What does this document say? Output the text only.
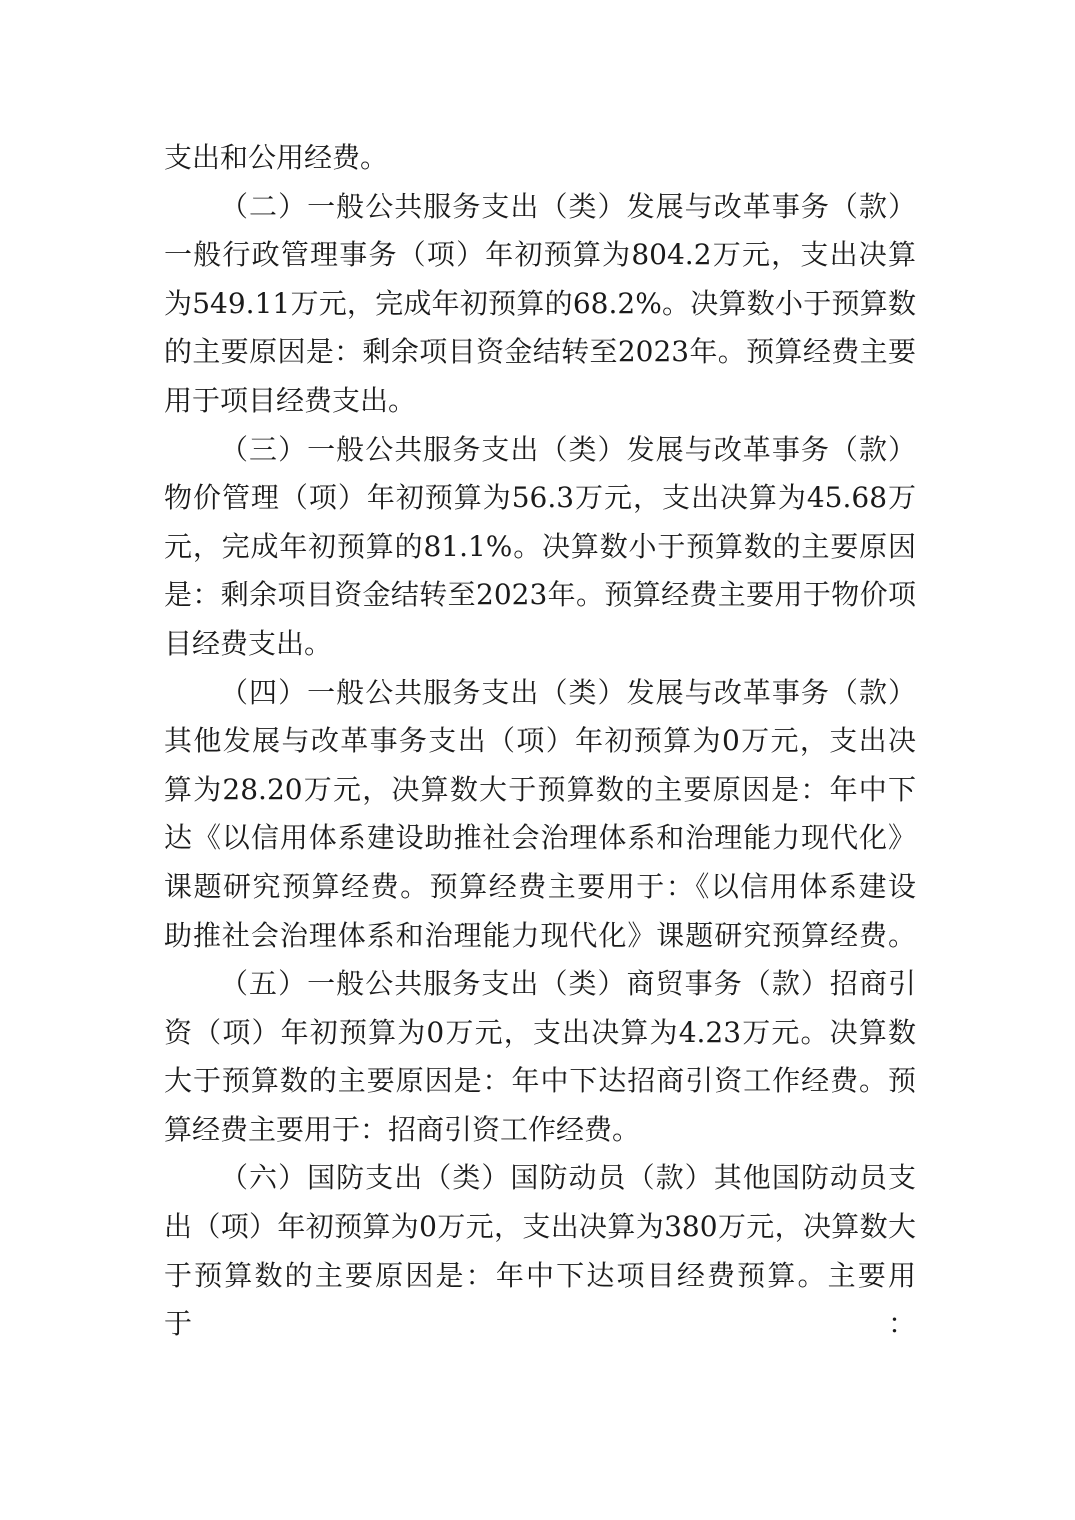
支出和公用经费。
（二）一般公共服务支出（类）发展与改革事务（款）
一般行政管理事务（项）年初预算为804.2万元，支出决算
为549.11万元，完成年初预算的68.2%。决算数小于预算数
的主要原因是：剩余项目资金结转至2023年。预算经费主要
用于项目经费支出。
（三）一般公共服务支出（类）发展与改革事务（款）
物价管理（项）年初预算为56.3万元，支出决算为45.68万
元，完成年初预算的81.1%。决算数小于预算数的主要原因
是：剩余项目资金结转至2023年。预算经费主要用于物价项
目经费支出。
（四）一般公共服务支出（类）发展与改革事务（款）
其他发展与改革事务支出（项）年初预算为0万元，支出决
算为28.20万元，决算数大于预算数的主要原因是：年中下
达《以信用体系建设助推社会治理体系和治理能力现代化》
课题研究预算经费。预算经费主要用于：《以信用体系建设
助推社会治理体系和治理能力现代化》课题研究预算经费。
（五）一般公共服务支出（类）商贸事务（款）招商引
资（项）年初预算为0万元，支出决算为4.23万元。决算数
大于预算数的主要原因是：年中下达招商引资工作经费。预
算经费主要用于：招商引资工作经费。
（六）国防支出（类）国防动员（款）其他国防动员支
出（项）年初预算为0万元，支出决算为380万元，决算数大
于预算数的主要原因是：年中下达项目经费预算。主要用于：
